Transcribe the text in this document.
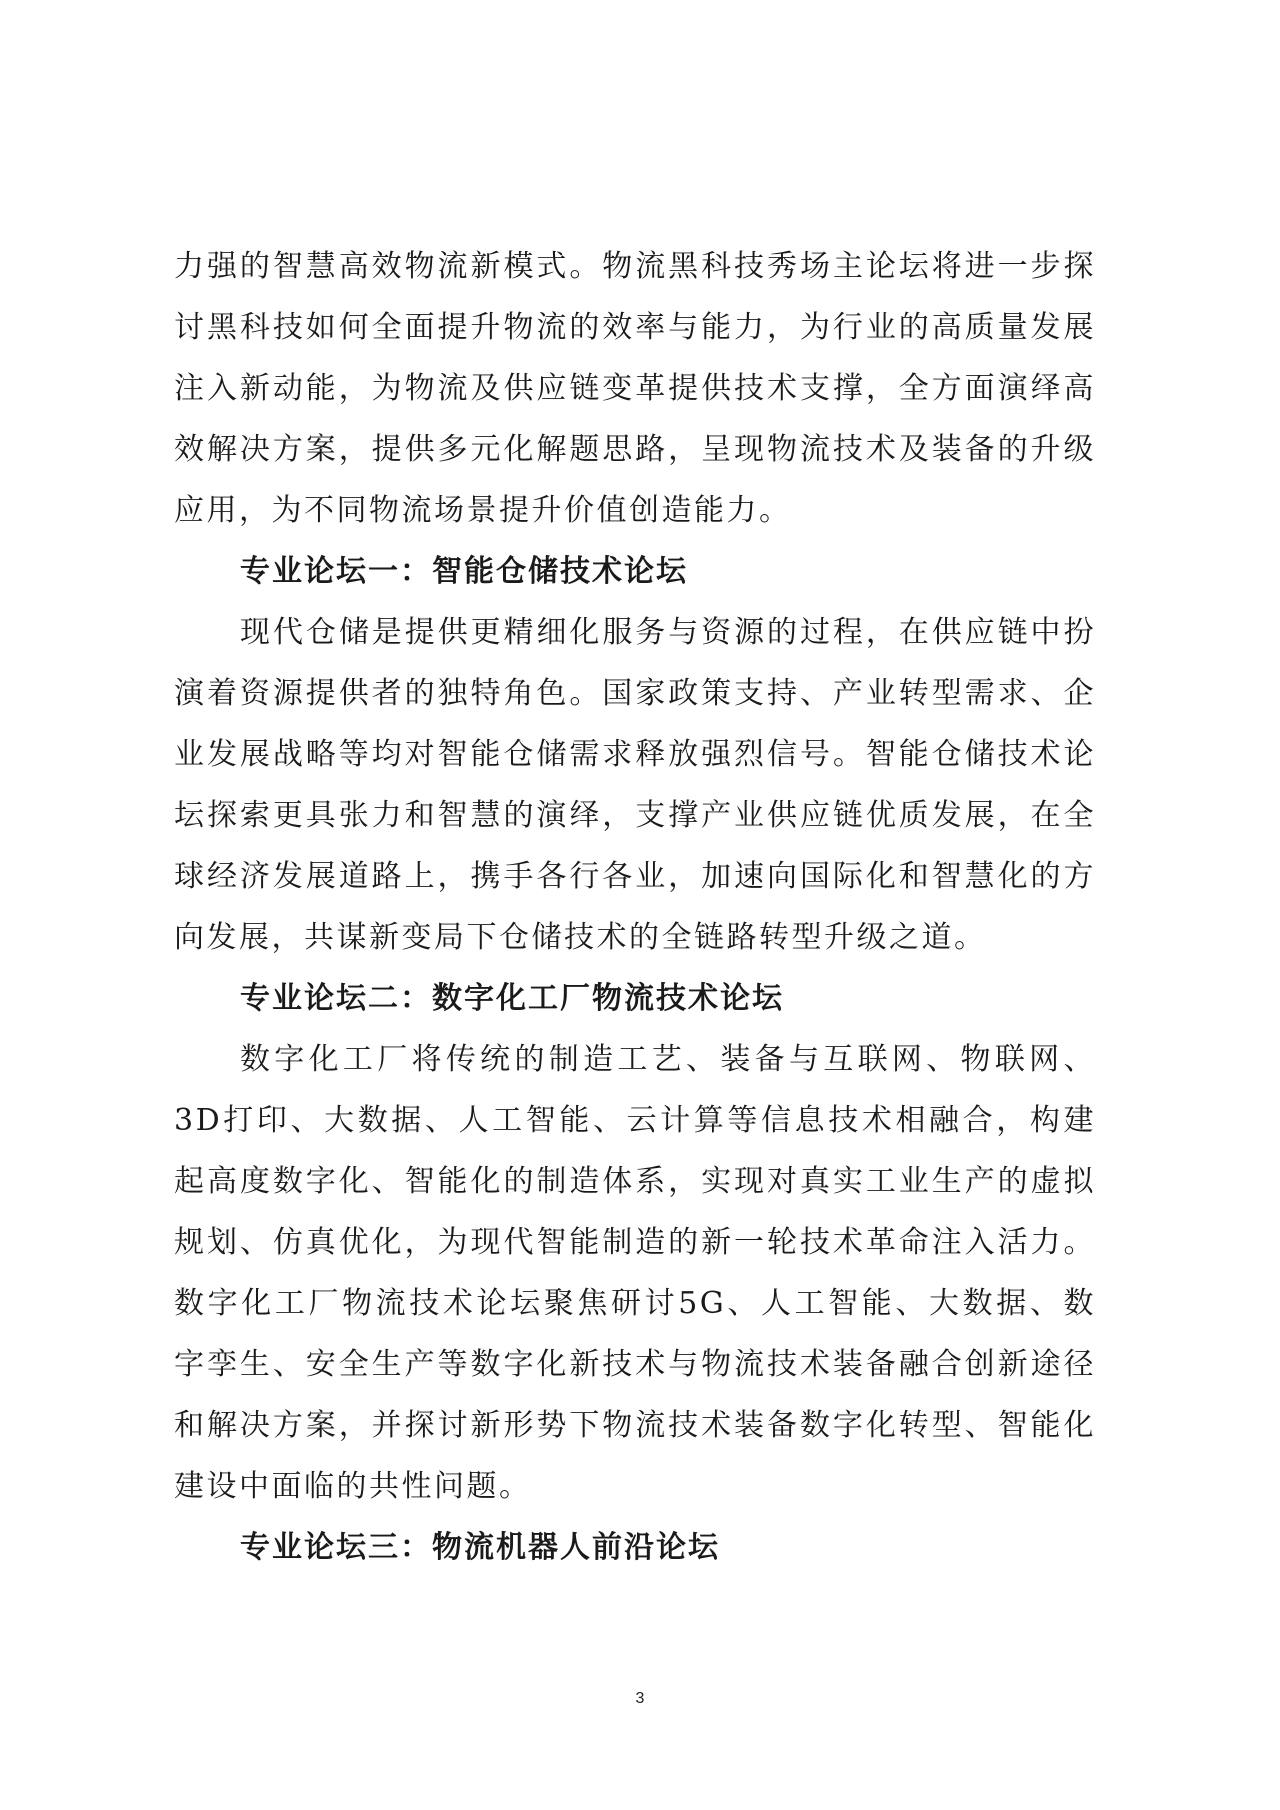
力强的智慧高效物流新模式。物流黑科技秀场主论坛将进一步探讨黑科技如何全面提升物流的效率与能力，为行业的高质量发展注入新动能，为物流及供应链变革提供技术支撑，全方面演绎高效解决方案，提供多元化解题思路，呈现物流技术及装备的升级应用，为不同物流场景提升价值创造能力。

专业论坛一：智能仓储技术论坛

现代仓储是提供更精细化服务与资源的过程，在供应链中扮演着资源提供者的独特角色。国家政策支持、产业转型需求、企业发展战略等均对智能仓储需求释放强烈信号。智能仓储技术论坛探索更具张力和智慧的演绎，支撑产业供应链优质发展，在全球经济发展道路上，携手各行各业，加速向国际化和智慧化的方向发展，共谋新变局下仓储技术的全链路转型升级之道。

专业论坛二：数字化工厂物流技术论坛

数字化工厂将传统的制造工艺、装备与互联网、物联网、3D打印、大数据、人工智能、云计算等信息技术相融合，构建起高度数字化、智能化的制造体系，实现对真实工业生产的虚拟规划、仿真优化，为现代智能制造的新一轮技术革命注入活力。数字化工厂物流技术论坛聚焦研讨5G、人工智能、大数据、数字孪生、安全生产等数字化新技术与物流技术装备融合创新途径和解决方案，并探讨新形势下物流技术装备数字化转型、智能化建设中面临的共性问题。

专业论坛三：物流机器人前沿论坛

3
